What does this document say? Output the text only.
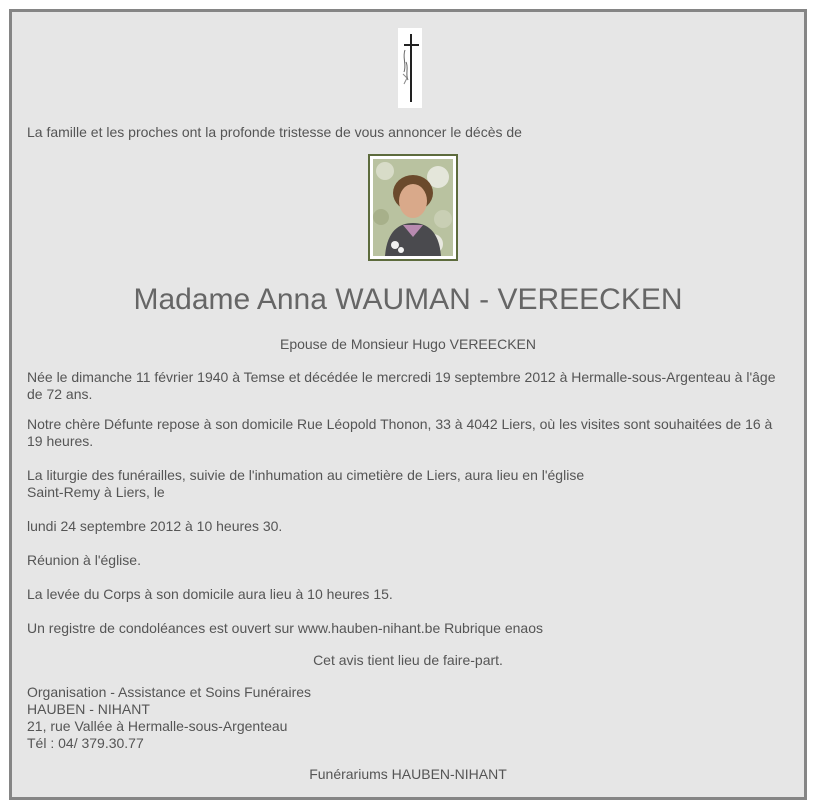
La famille et les proches ont la profonde tristesse de vous annoncer le décès de
Madame Anna WAUMAN - VEREECKEN
Epouse de Monsieur Hugo VEREECKEN
Née le dimanche 11 février 1940 à Temse et décédée le mercredi 19 septembre 2012 à Hermalle-sous-Argenteau à l'âge de 72 ans.
Notre chère Défunte repose à son domicile Rue Léopold Thonon, 33 à 4042 Liers, où les visites sont souhaitées de 16 à 19 heures.
La liturgie des funérailles, suivie de l'inhumation au cimetière de Liers, aura lieu en l'église
Saint-Remy à Liers, le
lundi 24 septembre 2012 à 10 heures 30.
Réunion à l'église.
La levée du Corps à son domicile aura lieu à 10 heures 15.
Un registre de condoléances est ouvert sur www.hauben-nihant.be Rubrique enaos
Cet avis tient lieu de faire-part.
Organisation - Assistance et Soins Funéraires
HAUBEN - NIHANT
21, rue Vallée à Hermalle-sous-Argenteau
Tél : 04/ 379.30.77
Funérariums HAUBEN-NIHANT
